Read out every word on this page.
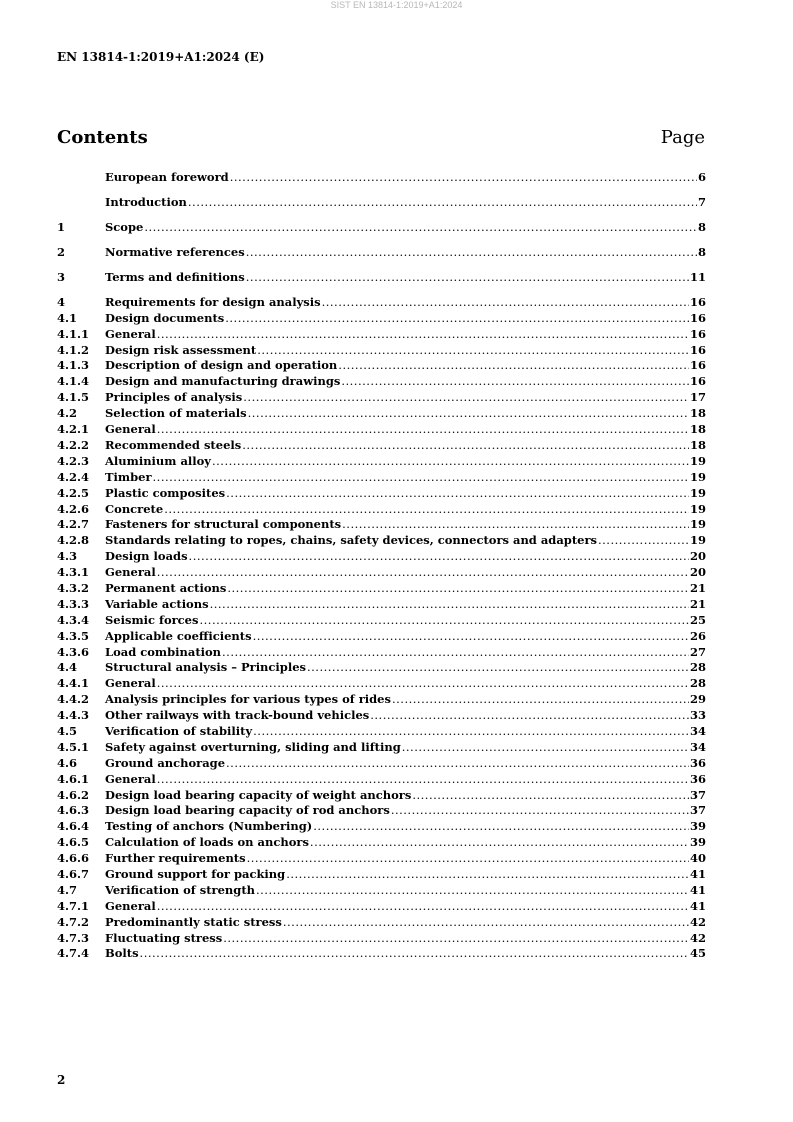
SIST EN 13814-1:2019+A1:2024
EN 13814-1:2019+A1:2024 (E)
Contents	Page
European foreword .....	6
Introduction .....	7
1	Scope .....	8
2	Normative references .....	8
3	Terms and definitions .....	11
4	Requirements for design analysis .....	16
4.1	Design documents .....	16
4.1.1	General .....	16
4.1.2	Design risk assessment .....	16
4.1.3	Description of design and operation .....	16
4.1.4	Design and manufacturing drawings .....	16
4.1.5	Principles of analysis .....	17
4.2	Selection of materials .....	18
4.2.1	General .....	18
4.2.2	Recommended steels .....	18
4.2.3	Aluminium alloy .....	19
4.2.4	Timber .....	19
4.2.5	Plastic composites .....	19
4.2.6	Concrete .....	19
4.2.7	Fasteners for structural components .....	19
4.2.8	Standards relating to ropes, chains, safety devices, connectors and adapters .....	19
4.3	Design loads .....	20
4.3.1	General .....	20
4.3.2	Permanent actions .....	21
4.3.3	Variable actions .....	21
4.3.4	Seismic forces .....	25
4.3.5	Applicable coefficients .....	26
4.3.6	Load combination .....	27
4.4	Structural analysis – Principles .....	28
4.4.1	General .....	28
4.4.2	Analysis principles for various types of rides .....	29
4.4.3	Other railways with track-bound vehicles .....	33
4.5	Verification of stability .....	34
4.5.1	Safety against overturning, sliding and lifting .....	34
4.6	Ground anchorage .....	36
4.6.1	General .....	36
4.6.2	Design load bearing capacity of weight anchors .....	37
4.6.3	Design load bearing capacity of rod anchors .....	37
4.6.4	Testing of anchors (Numbering) .....	39
4.6.5	Calculation of loads on anchors .....	39
4.6.6	Further requirements .....	40
4.6.7	Ground support for packing .....	41
4.7	Verification of strength .....	41
4.7.1	General .....	41
4.7.2	Predominantly static stress .....	42
4.7.3	Fluctuating stress .....	42
4.7.4	Bolts .....	45
2
